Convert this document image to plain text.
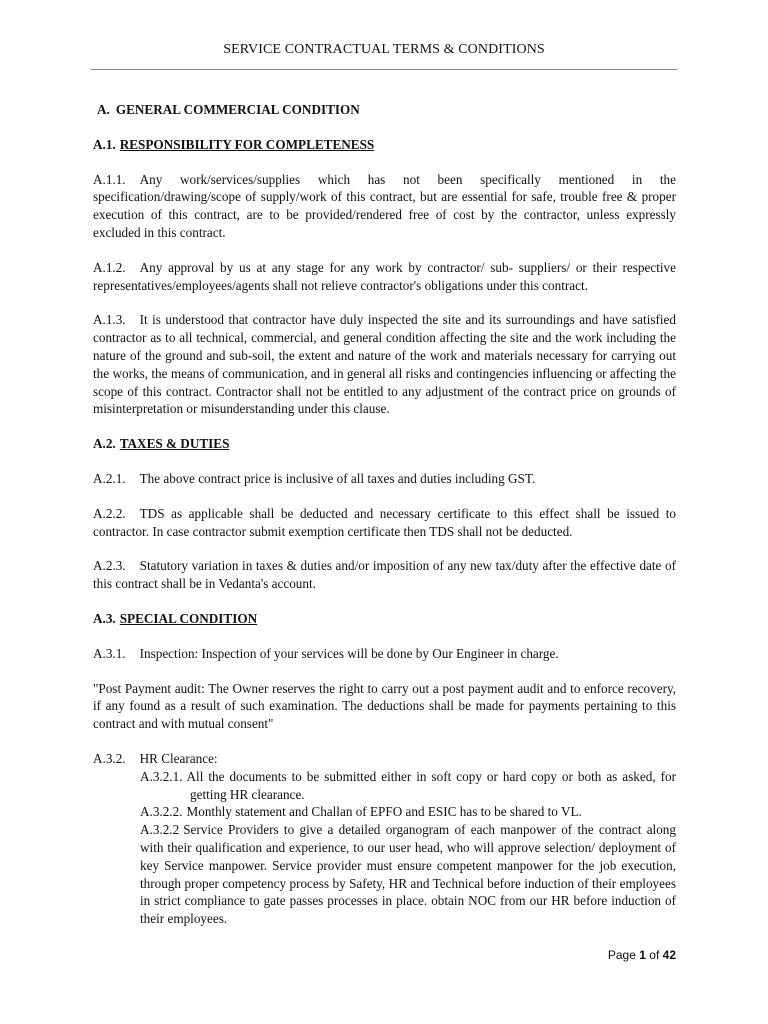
SERVICE CONTRACTUAL TERMS & CONDITIONS
A. GENERAL COMMERCIAL CONDITION
A.1. RESPONSIBILITY FOR COMPLETENESS

A.1.1. Any work/services/supplies which has not been specifically mentioned in the specification/drawing/scope of supply/work of this contract, but are essential for safe, trouble free & proper execution of this contract, are to be provided/rendered free of cost by the contractor, unless expressly excluded in this contract.

A.1.2. Any approval by us at any stage for any work by contractor/ sub- suppliers/ or their respective representatives/employees/agents shall not relieve contractor's obligations under this contract.

A.1.3. It is understood that contractor have duly inspected the site and its surroundings and have satisfied contractor as to all technical, commercial, and general condition affecting the site and the work including the nature of the ground and sub-soil, the extent and nature of the work and materials necessary for carrying out the works, the means of communication, and in general all risks and contingencies influencing or affecting the scope of this contract. Contractor shall not be entitled to any adjustment of the contract price on grounds of misinterpretation or misunderstanding under this clause.

A.2. TAXES & DUTIES

A.2.1. The above contract price is inclusive of all taxes and duties including GST.

A.2.2. TDS as applicable shall be deducted and necessary certificate to this effect shall be issued to contractor. In case contractor submit exemption certificate then TDS shall not be deducted.

A.2.3. Statutory variation in taxes & duties and/or imposition of any new tax/duty after the effective date of this contract shall be in Vedanta's account.

A.3. SPECIAL CONDITION

A.3.1. Inspection: Inspection of your services will be done by Our Engineer in charge.

"Post Payment audit: The Owner reserves the right to carry out a post payment audit and to enforce recovery, if any found as a result of such examination. The deductions shall be made for payments pertaining to this contract and with mutual consent"

A.3.2. HR Clearance:
A.3.2.1. All the documents to be submitted either in soft copy or hard copy or both as asked, for getting HR clearance.
A.3.2.2. Monthly statement and Challan of EPFO and ESIC has to be shared to VL.
A.3.2.2 Service Providers to give a detailed organogram of each manpower of the contract along with their qualification and experience, to our user head, who will approve selection/ deployment of key Service manpower. Service provider must ensure competent manpower for the job execution, through proper competency process by Safety, HR and Technical before induction of their employees in strict compliance to gate passes processes in place. obtain NOC from our HR before induction of their employees.
Page 1 of 42
